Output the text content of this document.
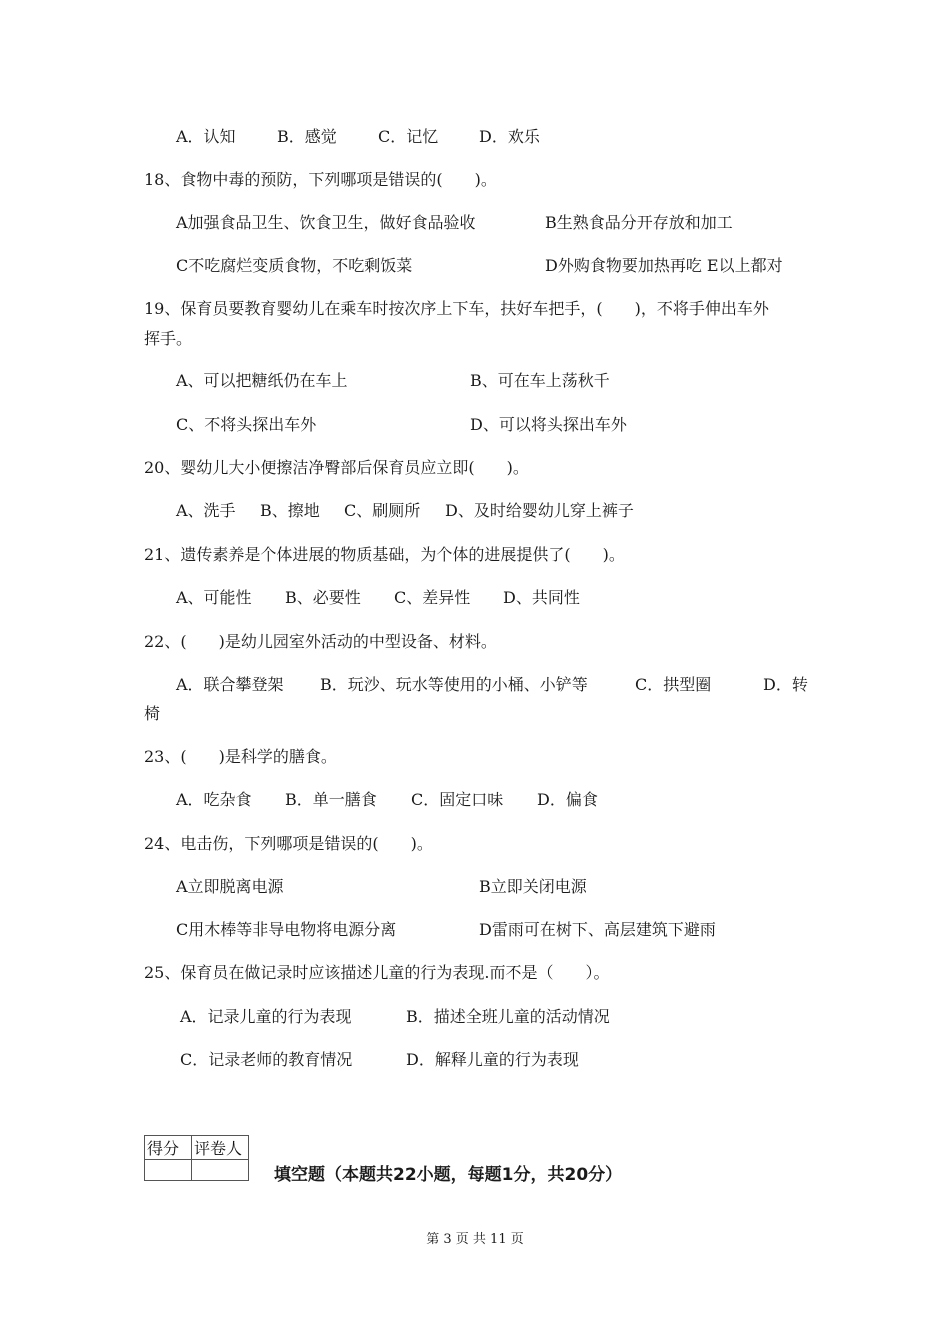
A．认知	B．感觉	C．记忆	D．欢乐
18、食物中毒的预防，下列哪项是错误的(　　)。
A加强食品卫生、饮食卫生，做好食品验收	B生熟食品分开存放和加工
C不吃腐烂变质食物，不吃剩饭菜	D外购食物要加热再吃 E以上都对
19、保育员要教育婴幼儿在乘车时按次序上下车，扶好车把手，(　　)，不将手伸出车外
挥手。
A、可以把糖纸仍在车上	B、可在车上荡秋千
C、不将头探出车外	D、可以将头探出车外
20、婴幼儿大小便擦洁净臀部后保育员应立即(　　)。
A、洗手 B、擦地 C、刷厕所 D、及时给婴幼儿穿上裤子
21、遗传素养是个体进展的物质基础，为个体的进展提供了(　　)。
A、可能性 B、必要性 C、差异性 D、共同性
22、(　　)是幼儿园室外活动的中型设备、材料。
A．联合攀登架 B．玩沙、玩水等使用的小桶、小铲等	C．拱型圈	D．转
椅
23、(　　)是科学的膳食。
A．吃杂食 B．单一膳食 C．固定口味 D．偏食
24、电击伤，下列哪项是错误的(　　)。
A立即脱离电源	B立即关闭电源
C用木棒等非导电物将电源分离	D雷雨可在树下、高层建筑下避雨
25、保育员在做记录时应该描述儿童的行为表现.而不是（　　）。
A．记录儿童的行为表现	B．描述全班儿童的活动情况
C．记录老师的教育情况	D．解释儿童的行为表现
得分	评卷人

填空题（本题共22小题，每题1分，共20分）
第 3 页 共 11 页
